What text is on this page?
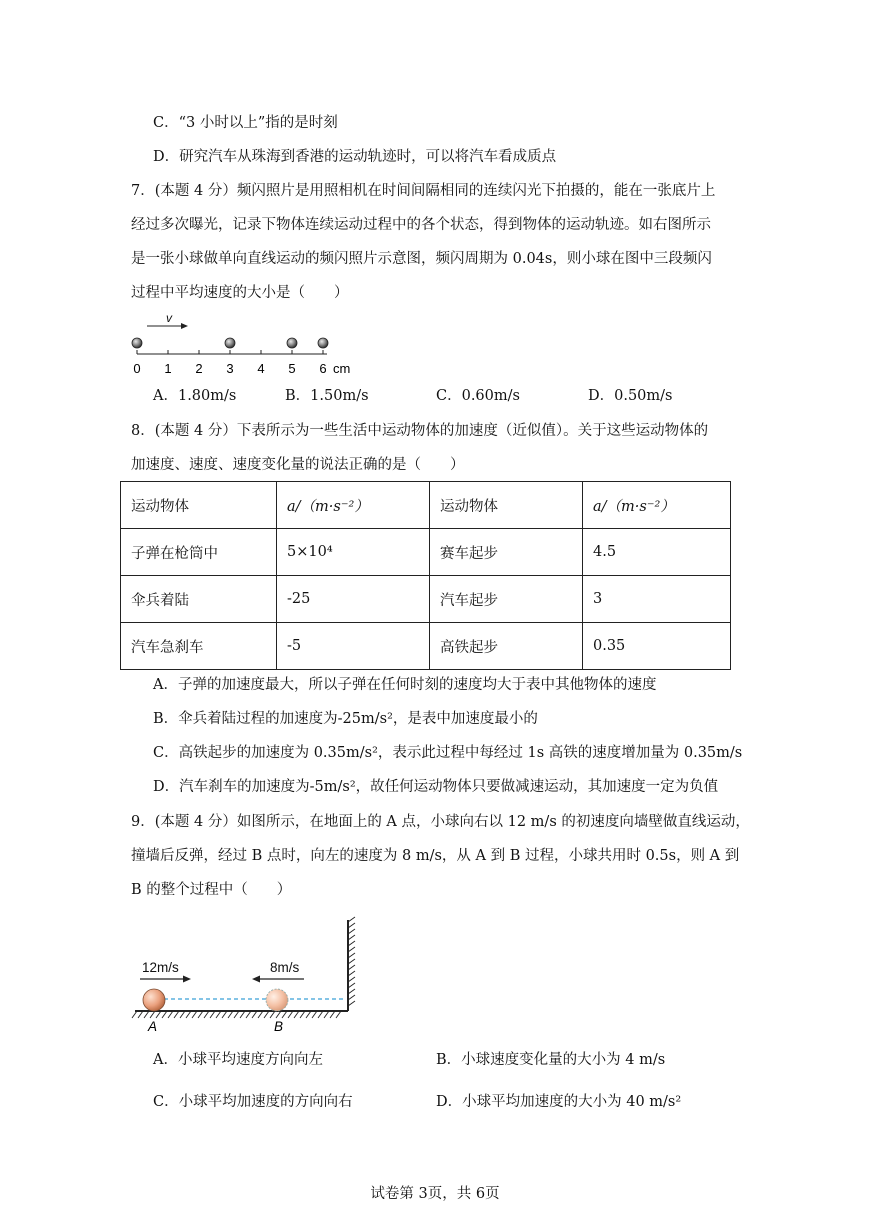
C．“3 小时以上”指的是时刻
D．研究汽车从珠海到香港的运动轨迹时，可以将汽车看成质点
7．(本题 4 分）频闪照片是用照相机在时间间隔相同的连续闪光下拍摄的，能在一张底片上
经过多次曝光，记录下物体连续运动过程中的各个状态，得到物体的运动轨迹。如右图所示
是一张小球做单向直线运动的频闪照片示意图，频闪周期为 0.04s，则小球在图中三段频闪
过程中平均速度的大小是（　　）
v
0 1 2 3 4 5 6 cm
A．1.80m/s	B．1.50m/s	C．0.60m/s	D．0.50m/s
8．(本题 4 分）下表所示为一些生活中运动物体的加速度（近似值）。关于这些运动物体的
加速度、速度、速度变化量的说法正确的是（　　）
运动物体	a/（m·s⁻²）	运动物体	a/（m·s⁻²）
子弹在枪筒中	5×10⁴	赛车起步	4.5
伞兵着陆	-25	汽车起步	3
汽车急刹车	-5	高铁起步	0.35
A．子弹的加速度最大，所以子弹在任何时刻的速度均大于表中其他物体的速度
B．伞兵着陆过程的加速度为-25m/s²，是表中加速度最小的
C．高铁起步的加速度为 0.35m/s²，表示此过程中每经过 1s 高铁的速度增加量为 0.35m/s
D．汽车刹车的加速度为-5m/s²，故任何运动物体只要做减速运动，其加速度一定为负值
9．(本题 4 分）如图所示，在地面上的 A 点，小球向右以 12 m/s 的初速度向墙壁做直线运动，
撞墙后反弹，经过 B 点时，向左的速度为 8 m/s，从 A 到 B 过程，小球共用时 0.5s，则 A 到
B 的整个过程中（　　）
12m/s	8m/s
A	B
A．小球平均速度方向向左	B．小球速度变化量的大小为 4 m/s
C．小球平均加速度的方向向右	D．小球平均加速度的大小为 40 m/s²
试卷第 3页，共 6页
